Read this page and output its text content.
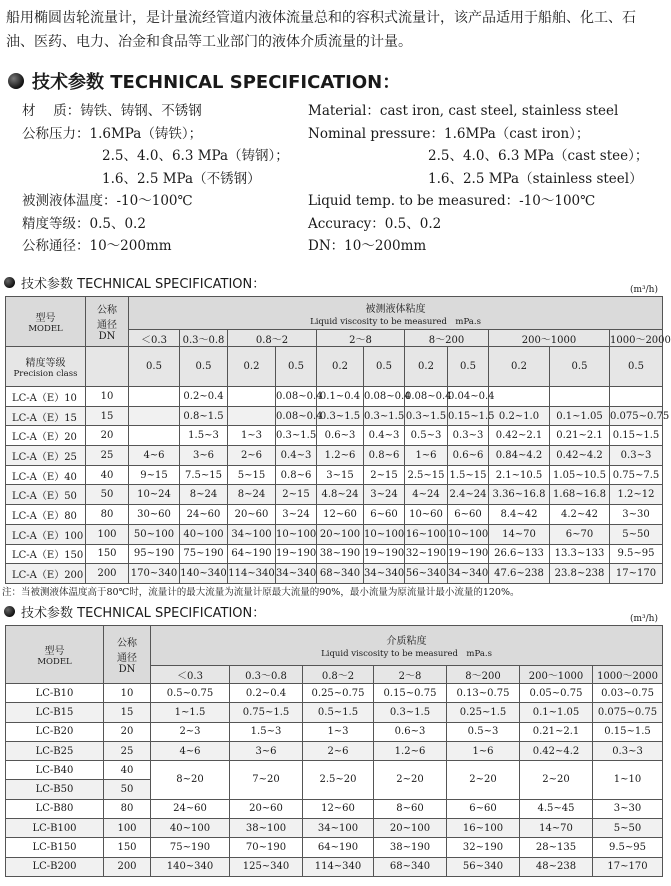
船用椭圆齿轮流量计，是计量流经管道内液体流量总和的容积式流量计，该产品适用于船舶、化工、石油、医药、电力、冶金和食品等工业部门的液体介质流量的计量。
技术参数 TECHNICAL SPECIFICATION：
材　 质：铸铁、铸钢、不锈钢	Material：cast iron, cast steel, stainless steel
公称压力：1.6MPa（铸铁）；	Nominal pressure：1.6MPa（cast iron）；
2.5、4.0、6.3 MPa（铸钢）；	2.5、4.0、6.3 MPa（cast stee）；
1.6、2.5 MPa（不锈钢）	1.6、2.5 MPa（stainless steel）
被测液体温度：-10～100℃	Liquid temp. to be measured：-10～100℃
精度等级：0.5、0.2	Accuracy：0.5、0.2
公称通径：10～200mm	DN：10～200mm
技术参数 TECHNICAL SPECIFICATION：	(m³/h)
型号

MODEL	公称
通径
DN	被测液体粘度

Liquid viscosity to be measured　mPa.s										

		＜0.3	0.3～0.8	0.8～2		2～8		8～200		200～1000		1000～2000
精度等级

Precision class		0.5	0.5	0.2	0.5	0.2	0.5	0.2	0.5	0.2	0.5	0.5
LC-A（E）10	10		0.2~0.4		0.08~0.4	0.1~0.4	0.08~0.4	0.08~0.4	0.04~0.4			
LC-A（E）15	15		0.8~1.5		0.08~0.4	0.3~1.5	0.3~1.5	0.3~1.5	0.15~1.5	0.2~1.0	0.1~1.05	0.075~0.75
LC-A（E）20	20		1.5~3	1~3	0.3~1.5	0.6~3	0.4~3	0.5~3	0.3~3	0.42~2.1	0.21~2.1	0.15~1.5
LC-A（E）25	25	4~6	3~6	2~6	0.4~3	1.2~6	0.8~6	1~6	0.6~6	0.84~4.2	0.42~4.2	0.3~3
LC-A（E）40	40	9~15	7.5~15	5~15	0.8~6	3~15	2~15	2.5~15	1.5~15	2.1~10.5	1.05~10.5	0.75~7.5
LC-A（E）50	50	10~24	8~24	8~24	2~15	4.8~24	3~24	4~24	2.4~24	3.36~16.8	1.68~16.8	1.2~12
LC-A（E）80	80	30~60	24~60	20~60	3~24	12~60	6~60	10~60	6~60	8.4~42	4.2~42	3~30
LC-A（E）100	100	50~100	40~100	34~100	10~100	20~100	10~100	16~100	10~100	14~70	6~70	5~50
LC-A（E）150	150	95~190	75~190	64~190	19~190	38~190	19~190	32~190	19~190	26.6~133	13.3~133	9.5~95
LC-A（E）200	200	170~340	140~340	114~340	34~340	68~340	34~340	56~340	34~340	47.6~238	23.8~238	17~170
注：当被测液体温度高于80℃时，流量计的最大流量为流量计原最大流量的90%，最小流量为原流量计最小流量的120%。
技术参数 TECHNICAL SPECIFICATION：	(m³/h)
型号

MODEL	公称
通径
DN	介质粘度

Liquid viscosity to be measured　mPa.s						

		＜0.3	0.3～0.8	0.8～2	2～8	8～200	200～1000	1000～2000
LC-B10	10	0.5~0.75	0.2~0.4	0.25~0.75	0.15~0.75	0.13~0.75	0.05~0.75	0.03~0.75
LC-B15	15	1~1.5	0.75~1.5	0.5~1.5	0.3~1.5	0.25~1.5	0.1~1.05	0.075~0.75
LC-B20	20	2~3	1.5~3	1~3	0.6~3	0.5~3	0.21~2.1	0.15~1.5
LC-B25	25	4~6	3~6	2~6	1.2~6	1~6	0.42~4.2	0.3~3
LC-B40	40	8~20	7~20	2.5~20	2~20	2~20	2~20	1~10
LC-B50	50							
LC-B80	80	24~60	20~60	12~60	8~60	6~60	4.5~45	3~30
LC-B100	100	40~100	38~100	34~100	20~100	16~100	14~70	5~50
LC-B150	150	75~190	70~190	64~190	38~190	32~190	28~135	9.5~95
LC-B200	200	140~340	125~340	114~340	68~340	56~340	48~238	17~170
